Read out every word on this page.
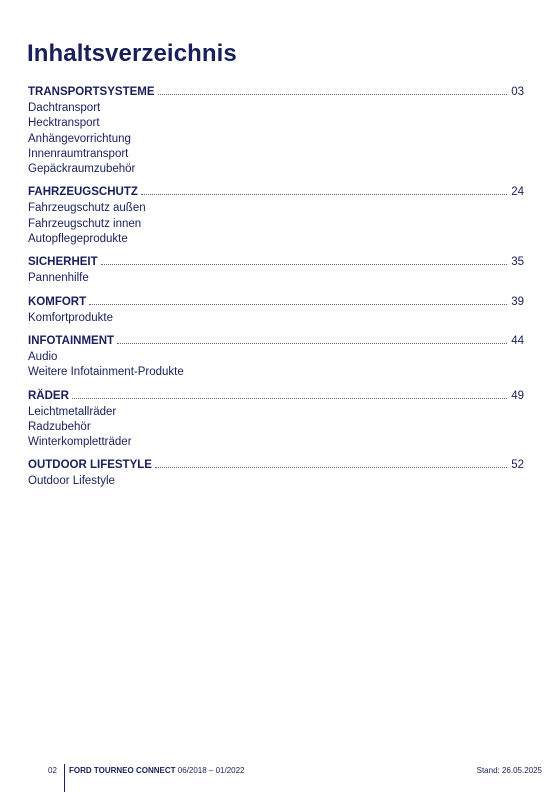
Inhaltsverzeichnis
TRANSPORTSYSTEME	03
Dachtransport
Hecktransport
Anhängevorrichtung
Innenraumtransport
Gepäckraumzubehör
FAHRZEUGSCHUTZ	24
Fahrzeugschutz außen
Fahrzeugschutz innen
Autopflegeprodukte
SICHERHEIT	35
Pannenhilfe
KOMFORT	39
Komfortprodukte
INFOTAINMENT	44
Audio
Weitere Infotainment-Produkte
RÄDER	49
Leichtmetallräder
Radzubehör
Winterkompletträder
OUTDOOR LIFESTYLE	52
Outdoor Lifestyle
02 FORD TOURNEO CONNECT 06/2018 – 01/2022	Stand: 26.05.2025
